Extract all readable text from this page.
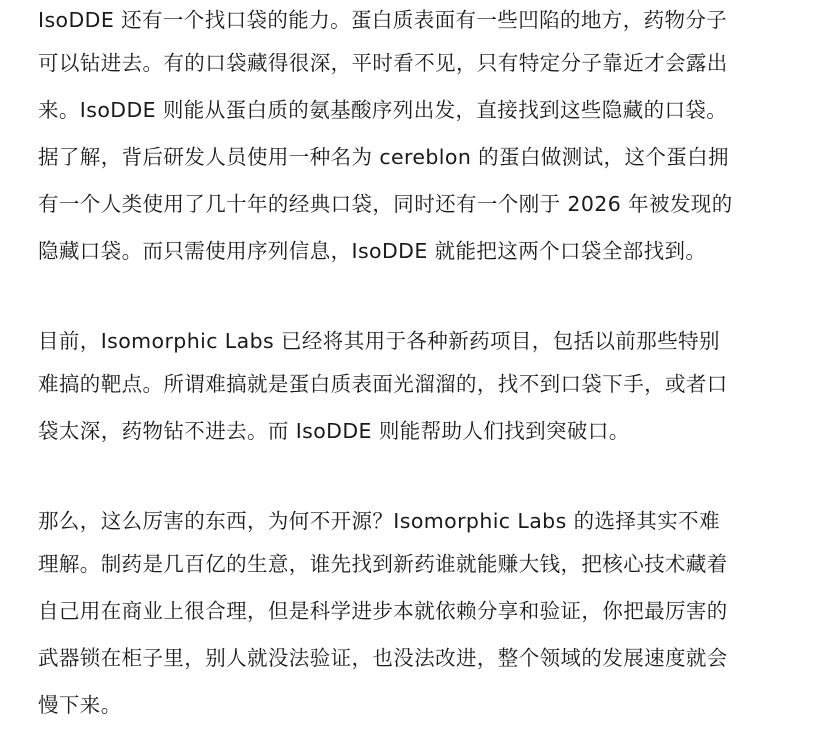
IsoDDE 还有一个找口袋的能力。蛋白质表面有一些凹陷的地方，药物分子
可以钻进去。有的口袋藏得很深，平时看不见，只有特定分子靠近才会露出
来。IsoDDE 则能从蛋白质的氨基酸序列出发，直接找到这些隐藏的口袋。
据了解，背后研发人员使用一种名为 cereblon 的蛋白做测试，这个蛋白拥
有一个人类使用了几十年的经典口袋，同时还有一个刚于 2026 年被发现的
隐藏口袋。而只需使用序列信息，IsoDDE 就能把这两个口袋全部找到。
目前，Isomorphic Labs 已经将其用于各种新药项目，包括以前那些特别
难搞的靶点。所谓难搞就是蛋白质表面光溜溜的，找不到口袋下手，或者口
袋太深，药物钻不进去。而 IsoDDE 则能帮助人们找到突破口。
那么，这么厉害的东西，为何不开源？Isomorphic Labs 的选择其实不难
理解。制药是几百亿的生意，谁先找到新药谁就能赚大钱，把核心技术藏着
自己用在商业上很合理，但是科学进步本就依赖分享和验证，你把最厉害的
武器锁在柜子里，别人就没法验证，也没法改进，整个领域的发展速度就会
慢下来。
